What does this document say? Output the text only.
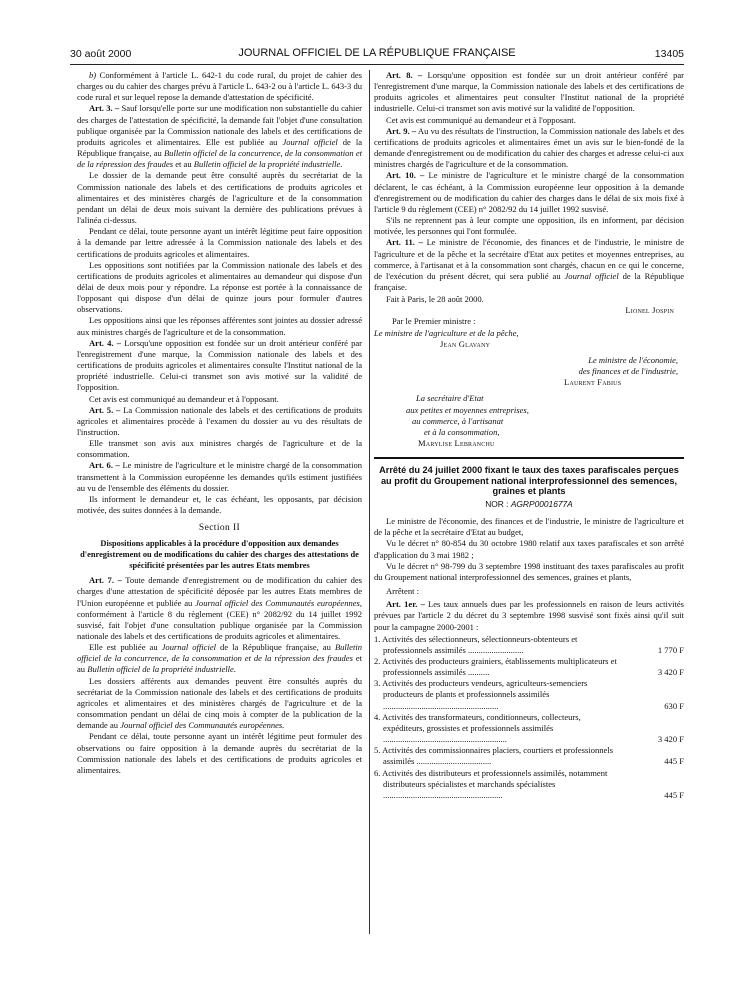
30 août 2000	JOURNAL OFFICIEL DE LA RÉPUBLIQUE FRANÇAISE	13405

b) Conformément à l'article L. 642-1 du code rural, du projet de cahier des charges ou du cahier des charges prévu à l'article L. 643-2 ou à l'article L. 643-3 du code rural et sur lequel repose la demande d'attestation de spécificité.

Art. 3. – Sauf lorsqu'elle porte sur une modification non substantielle du cahier des charges de l'attestation de spécificité, la demande fait l'objet d'une consultation publique organisée par la Commission nationale des labels et des certifications de produits agricoles et alimentaires. Elle est publiée au Journal officiel de la République française, au Bulletin officiel de la concurrence, de la consommation et de la répression des fraudes et au Bulletin officiel de la propriété industrielle.

Le dossier de la demande peut être consulté auprès du secrétariat de la Commission nationale des labels et des certifications de produits agricoles et alimentaires et des ministères chargés de l'agriculture et de la consommation pendant un délai de deux mois suivant la dernière des publications prévues à l'alinéa ci-dessus.

Pendant ce délai, toute personne ayant un intérêt légitime peut faire opposition à la demande par lettre adressée à la Commission nationale des labels et des certifications de produits agricoles et alimentaires.

Les oppositions sont notifiées par la Commission nationale des labels et des certifications de produits agricoles et alimentaires au demandeur qui dispose d'un délai de deux mois pour y répondre. La réponse est portée à la connaissance de l'opposant qui dispose d'un délai de quinze jours pour formuler d'autres observations.

Les oppositions ainsi que les réponses afférentes sont jointes au dossier adressé aux ministres chargés de l'agriculture et de la consommation.

Art. 4. – Lorsqu'une opposition est fondée sur un droit antérieur conféré par l'enregistrement d'une marque, la Commission nationale des labels et des certifications de produits agricoles et alimentaires consulte l'Institut national de la propriété industrielle. Celui-ci transmet son avis motivé sur la validité de l'opposition.

Cet avis est communiqué au demandeur et à l'opposant.

Art. 5. – La Commission nationale des labels et des certifications de produits agricoles et alimentaires procède à l'examen du dossier au vu des résultats de l'instruction.

Elle transmet son avis aux ministres chargés de l'agriculture et de la consommation.

Art. 6. – Le ministre de l'agriculture et le ministre chargé de la consommation transmettent à la Commission européenne les demandes qu'ils estiment justifiées au vu de l'ensemble des éléments du dossier.

Ils informent le demandeur et, le cas échéant, les opposants, par décision motivée, des suites données à la demande.

Section II
Dispositions applicables à la procédure d'opposition aux demandes d'enregistrement ou de modifications du cahier des charges des attestations de spécificité présentées par les autres Etats membres

Art. 7. – Toute demande d'enregistrement ou de modification du cahier des charges d'une attestation de spécificité déposée par les autres Etats membres de l'Union européenne et publiée au Journal officiel des Communautés européennes, conformément à l'article 8 du règlement (CEE) n° 2082/92 du 14 juillet 1992 susvisé, fait l'objet d'une consultation publique organisée par la Commission nationale des labels et des certifications de produits agricoles et alimentaires.

Elle est publiée au Journal officiel de la République française, au Bulletin officiel de la concurrence, de la consommation et de la répression des fraudes et au Bulletin officiel de la propriété industrielle.

Les dossiers afférents aux demandes peuvent être consultés auprès du secrétariat de la Commission nationale des labels et des certifications de produits agricoles et alimentaires et des ministères chargés de l'agriculture et de la consommation pendant un délai de cinq mois à compter de la publication de la demande au Journal officiel des Communautés européennes.

Pendant ce délai, toute personne ayant un intérêt légitime peut formuler des observations ou faire opposition à la demande auprès du secrétariat de la Commission nationale des labels et des certifications de produits agricoles et alimentaires.

Art. 8. – Lorsqu'une opposition est fondée sur un droit antérieur conféré par l'enregistrement d'une marque, la Commission nationale des labels et des certifications de produits agricoles et alimentaires peut consulter l'Institut national de la propriété industrielle. Celui-ci transmet son avis motivé sur la validité de l'opposition.

Cet avis est communiqué au demandeur et à l'opposant.

Art. 9. – Au vu des résultats de l'instruction, la Commission nationale des labels et des certifications de produits agricoles et alimentaires émet un avis sur le bien-fondé de la demande d'enregistrement ou de modification du cahier des charges et adresse celui-ci aux ministres chargés de l'agriculture et de la consommation.

Art. 10. – Le ministre de l'agriculture et le ministre chargé de la consommation déclarent, le cas échéant, à la Commission européenne leur opposition à la demande d'enregistrement ou de modification du cahier des charges dans le délai de six mois fixé à l'article 9 du règlement (CEE) n° 2082/92 du 14 juillet 1992 susvisé.

S'ils ne reprennent pas à leur compte une opposition, ils en informent, par décision motivée, les personnes qui l'ont formulée.

Art. 11. – Le ministre de l'économie, des finances et de l'industrie, le ministre de l'agriculture et de la pêche et la secrétaire d'Etat aux petites et moyennes entreprises, au commerce, à l'artisanat et à la consommation sont chargés, chacun en ce qui le concerne, de l'exécution du présent décret, qui sera publié au Journal officiel de la République française.

Fait à Paris, le 28 août 2000.

Lionel Jospin
Par le Premier ministre :
Le ministre de l'agriculture et de la pêche,
Jean Glavany
Le ministre de l'économie,
des finances et de l'industrie,
Laurent Fabius
La secrétaire d'Etat
aux petites et moyennes entreprises,
au commerce, à l'artisanat
et à la consommation,
Marylise Lebranchu
Arrêté du 24 juillet 2000 fixant le taux des taxes parafiscales perçues au profit du Groupement national interprofessionnel des semences, graines et plants
NOR : AGRP0001677A

Le ministre de l'économie, des finances et de l'industrie, le ministre de l'agriculture et de la pêche et la secrétaire d'Etat au budget,

Vu le décret n° 80-854 du 30 octobre 1980 relatif aux taxes parafiscales et son arrêté d'application du 3 mai 1982 ;

Vu le décret n° 98-799 du 3 septembre 1998 instituant des taxes parafiscales au profit du Groupement national interprofessionnel des semences, graines et plants,

Arrêtent :

Art. 1er. – Les taux annuels dues par les professionnels en raison de leurs activités prévues par l'article 2 du décret du 3 septembre 1998 susvisé sont fixés ainsi qu'il suit pour la campagne 2000-2001 :

1. Activités des sélectionneurs, sélectionneurs-obtenteurs et professionnels assimilés ..........................	1 770 F
2. Activités des producteurs grainiers, établissements multiplicateurs et professionnels assimilés ..........	3 420 F
3. Activités des producteurs vendeurs, agriculteurs-semenciers producteurs de plants et professionnels assimilés ......................................................	630 F
4. Activités des transformateurs, conditionneurs, collecteurs, expéditeurs, grossistes et professionnels assimilés ..........................................................	3 420 F
5. Activités des commissionnaires placiers, courtiers et professionnels assimilés ...................................	445 F
6. Activités des distributeurs et professionnels assimilés, notamment distributeurs spécialistes et marchands spécialistes ........................................................	445 F
